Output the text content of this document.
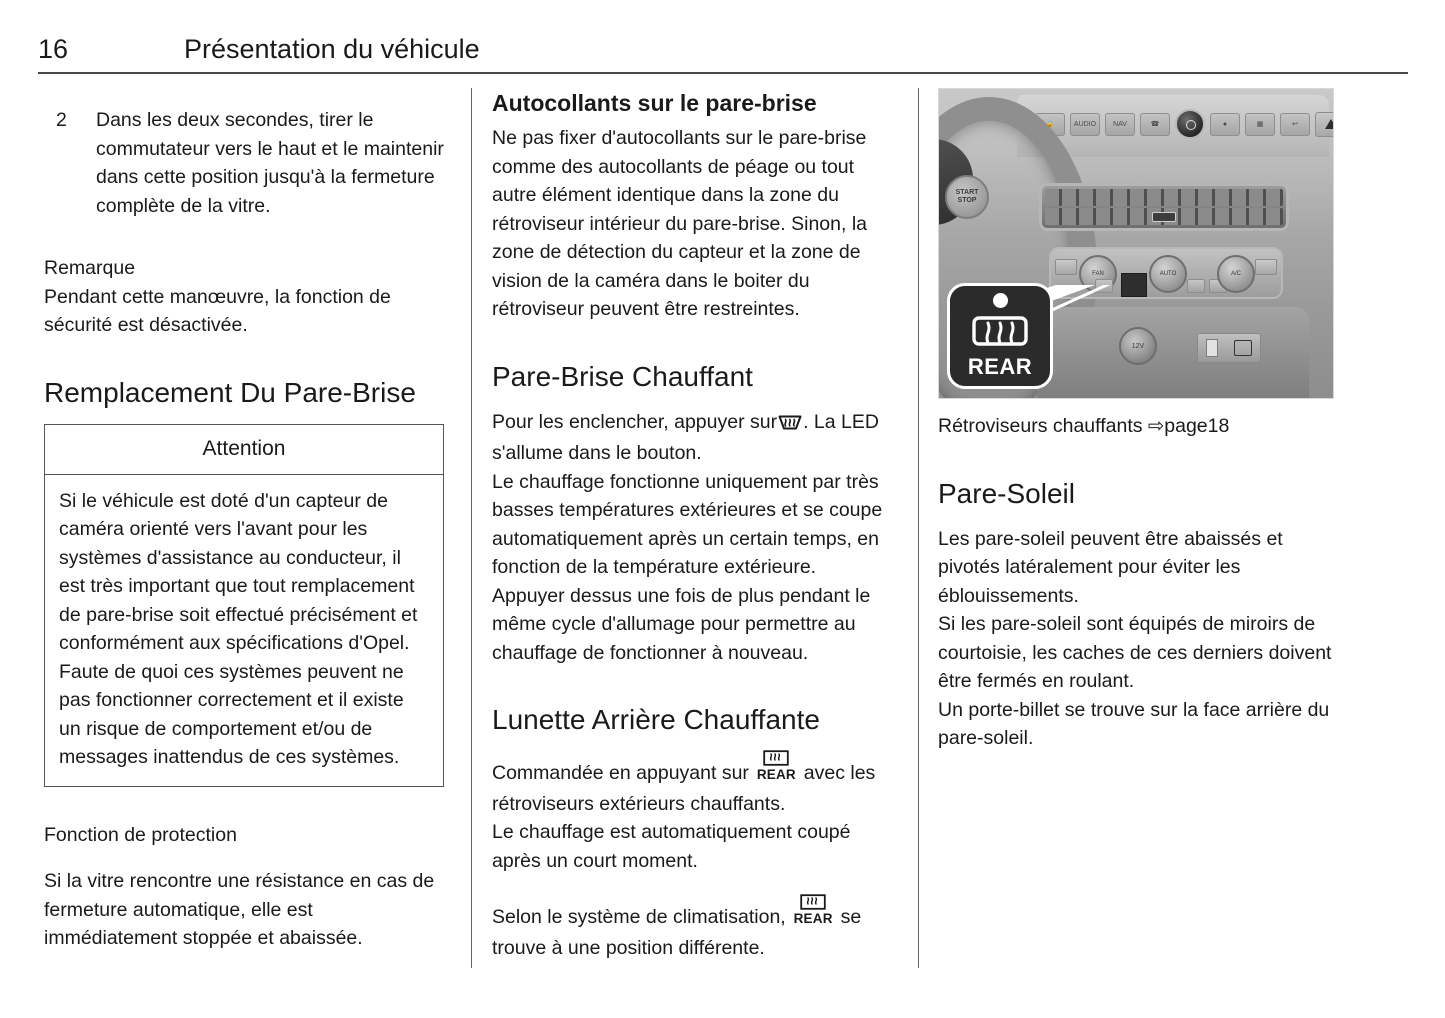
16	Présentation du véhicule
2	Dans les deux secondes, tirer le commutateur vers le haut et le maintenir dans cette position jusqu'à la fermeture complète de la vitre.
Remarque

Pendant cette manœuvre, la fonction de sécurité est désactivée.

Remplacement Du Pare-Brise
Attention
Si le véhicule est doté d'un capteur de caméra orienté vers l'avant pour les systèmes d'assistance au conducteur, il est très important que tout remplacement de pare-brise soit effectué précisément et conformément aux spécifications d'Opel. Faute de quoi ces systèmes peuvent ne pas fonctionner correctement et il existe un risque de comportement et/ou de messages inattendus de ces systèmes.
Fonction de protection

Si la vitre rencontre une résistance en cas de fermeture automatique, elle est immédiatement stoppée et abaissée.

Autocollants sur le pare-brise

Ne pas fixer d'autocollants sur le pare-brise comme des autocollants de péage ou tout autre élément identique dans la zone du rétroviseur intérieur du pare-brise. Sinon, la zone de détection du capteur et la zone de vision de la caméra dans le boiter du rétroviseur peuvent être restreintes.

Pare-Brise Chauffant

Pour les enclencher, appuyer sur . La LED s'allume dans le bouton.

Le chauffage fonctionne uniquement par très basses températures extérieures et se coupe automatiquement après un certain temps, en fonction de la température extérieure.

Appuyer dessus une fois de plus pendant le même cycle d'allumage pour permettre au chauffage de fonctionner à nouveau.

Lunette Arrière Chauffante

Commandée en appuyant sur REAR avec les rétroviseurs extérieurs chauffants.

Le chauffage est automatiquement coupé après un court moment.

Selon le système de climatisation, REAR se trouve à une position différente.

🔒	AUDIO	NAV	☎	●	▦	↩
START
STOP
FAN	AUTO	A/C
12V
REAR
Rétroviseurs chauffants ⇨page18
Pare-Soleil

Les pare-soleil peuvent être abaissés et pivotés latéralement pour éviter les éblouissements.

Si les pare-soleil sont équipés de miroirs de courtoisie, les caches de ces derniers doivent être fermés en roulant.

Un porte-billet se trouve sur la face arrière du pare-soleil.
